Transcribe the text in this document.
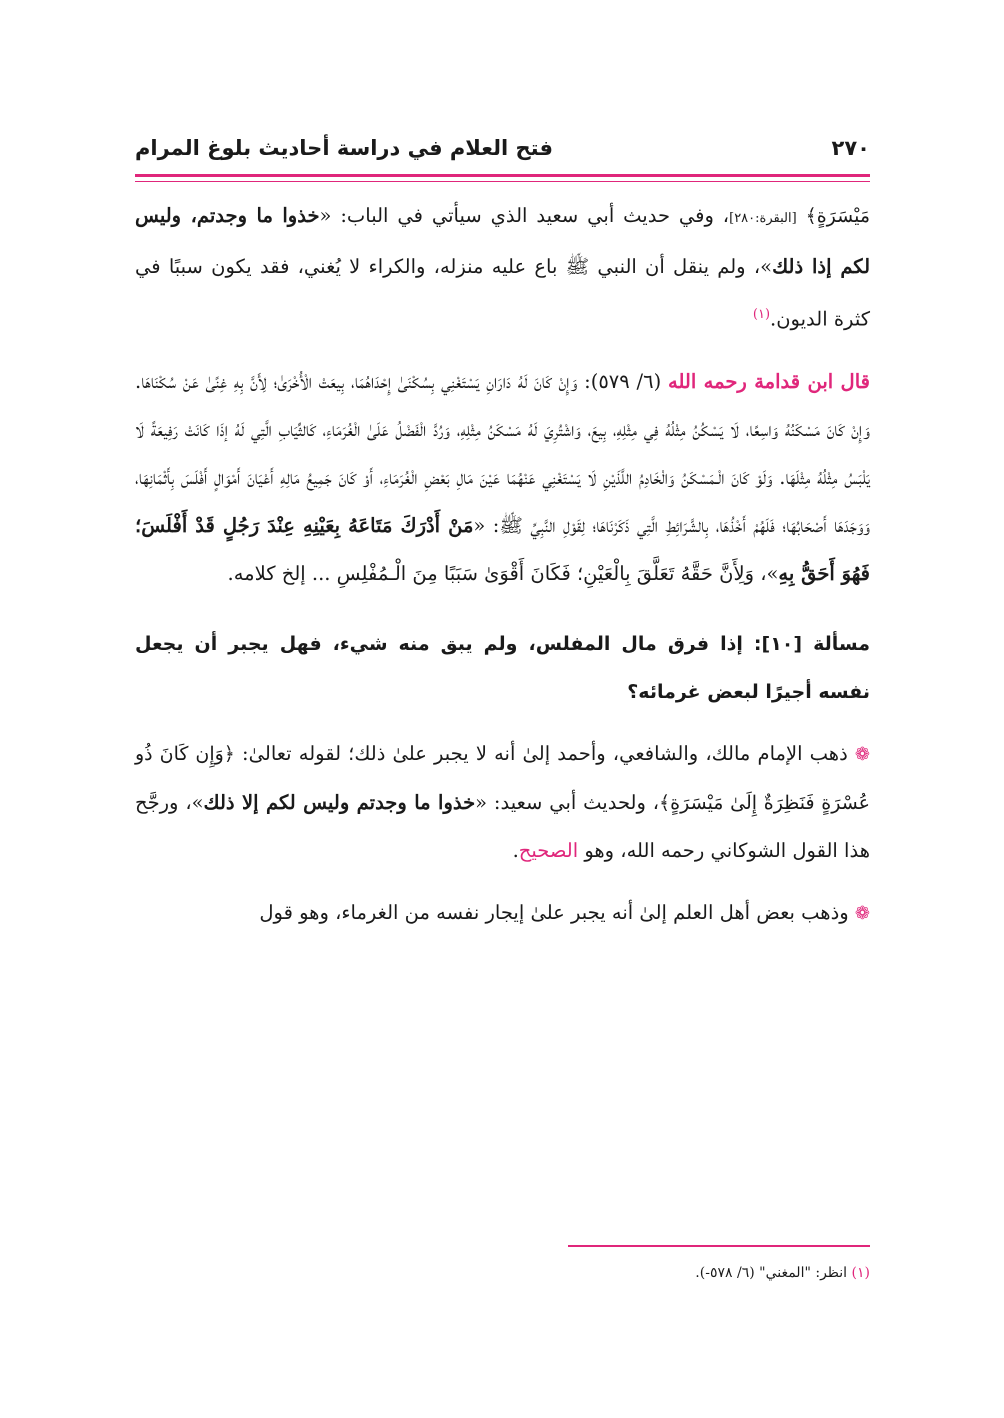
٢٧٠
فتح العلام في دراسة أحاديث بلوغ المرام

مَيْسَرَةٍ﴾ [البقرة:٢٨٠]، وفي حديث أبي سعيد الذي سيأتي في الباب: «خذوا ما وجدتم، وليس لكم إذا ذلك»، ولم ينقل أن النبي ﷺ باع عليه منزله، والكراء لا يُغني، فقد يكون سببًا في كثرة الديون.$^{(١)}$

قال ابن قدامة رحمه الله (٦/ ٥٧٩): وَإِنْ كَانَ لَهُ دَارَانِ يَسْتَغْنِي بِسُكْنَىٰ إِحْدَاهُمَا، بِيعَتْ الْأُخْرَىٰ؛ لِأَنَّ بِهِ غِنًىٰ عَنْ سُكْنَاهَا. وَإِنْ كَانَ مَسْكَنُهُ وَاسِعًا، لَا يَسْكُنُ مِثْلُهُ فِي مِثْلِهِ، بِيعَ، وَاشْتُرِيَ لَهُ مَسْكَنُ مِثْلِهِ، وَرُدَّ الْفَضْلُ عَلَىٰ الْغُرَمَاءِ، كَالثِّيَابِ الَّتِي لَهُ إذَا كَانَتْ رَفِيعَةً لَا يَلْبَسُ مِثْلُهُ مِثْلَهَا. وَلَوْ كَانَ الْـمَسْكَنُ وَالْخَادِمُ اللَّذَيْنِ لَا يَسْتَغْنِي عَنْهُمَا عَيْنَ مَالِ بَعْضِ الْغُرَمَاءِ، أَوْ كَانَ جَمِيعُ مَالِهِ أَعْيَانَ أَمْوَالٍ أَفْلَسَ بِأَثْمَانِهَا، وَوَجَدَهَا أَصْحَابُهَا؛ فَلَهُمْ أَخْذُهَا، بِالشَّرَائِطِ الَّتِي ذَكَرْنَاهَا؛ لِقَوْلِ النَّبِيِّ ﷺ: «مَنْ أَدْرَكَ مَتَاعَهُ بِعَيْنِهِ عِنْدَ رَجُلٍ قَدْ أَفْلَسَ؛ فَهُوَ أَحَقُّ بِهِ»، وَلِأَنَّ حَقَّهُ تَعَلَّقَ بِالْعَيْنِ؛ فَكَانَ أَقْوَىٰ سَبَبًا مِنَ الْـمُفْلِسِ ... إلخ كلامه.

مسألة [١٠]: إذا فرق مال المفلس، ولم يبق منه شيء، فهل يجبر أن يجعل نفسه أجيرًا لبعض غرمائه؟

❁ ذهب الإمام مالك، والشافعي، وأحمد إلىٰ أنه لا يجبر علىٰ ذلك؛ لقوله تعالىٰ: ﴿وَإِن كَانَ ذُو عُسْرَةٍ فَنَظِرَةٌ إِلَىٰ مَيْسَرَةٍ﴾، ولحديث أبي سعيد: «خذوا ما وجدتم وليس لكم إلا ذلك»، ورجَّح هذا القول الشوكاني رحمه الله، وهو الصحيح.

❁ وذهب بعض أهل العلم إلىٰ أنه يجبر علىٰ إيجار نفسه من الغرماء، وهو قول

(١) انظر: "المغني" (٦/ ٥٧٨-).
